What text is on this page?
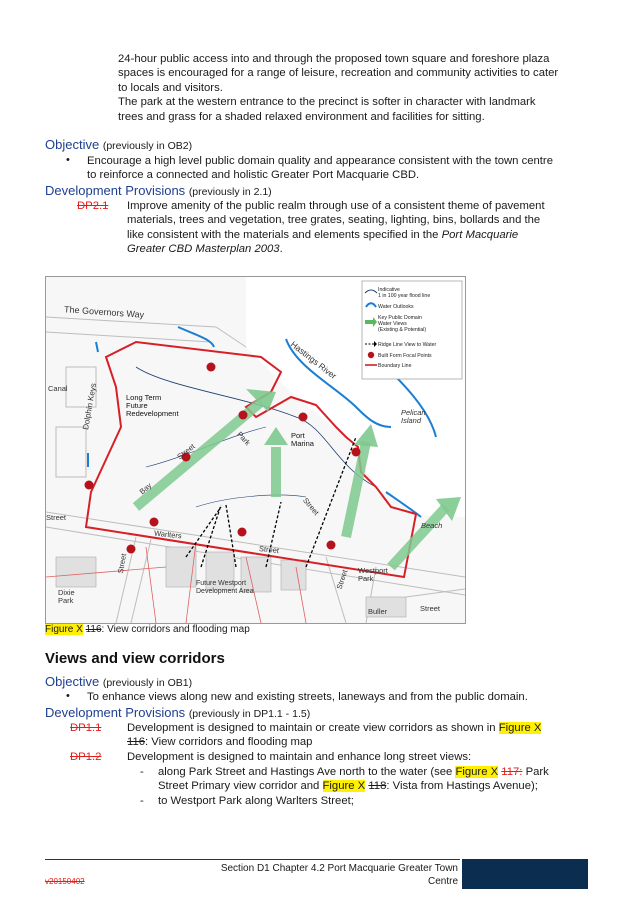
24-hour public access into and through the proposed town square and foreshore plaza
spaces is encouraged for a range of leisure, recreation and community activities to cater
to locals and visitors.
The park at the western entrance to the precinct is softer in character with landmark
trees and grass for a shaded relaxed environment and facilities for sitting.
Objective (previously in OB2)
• Encourage a high level public domain quality and appearance consistent with the town centre
to reinforce a connected and holistic Greater Port Macquarie CBD.
Development Provisions (previously in 2.1)
DP2.1 Improve amenity of the public realm through use of a consistent theme of pavement
materials, trees and vegetation, tree grates, seating, lighting, bins, bollards and the
like consistent with the materials and elements specified in the Port Macquarie
Greater CBD Masterplan 2003.
The Governors Way
Hastings River
Dolphin Keys
Canal
Long Term
Future
Redevelopment
Port
Marina
Pelican
Island
Bay
Street
Park
Street
Street
Warlters
Street
Street
Future Westport
Development Area
Westport
Park
Dixie
Park
Beach
Buller	Street
Street
Indicative
1 in 100 year flood line
Water Outlooks
Key Public Domain
Water Views
(Existing & Potential)
Ridge Line View to Water
Built Form Focal Points
Boundary Line
Figure X 116: View corridors and flooding map
Views and view corridors
Objective (previously in OB1)
• To enhance views along new and existing streets, laneways and from the public domain.
Development Provisions (previously in DP1.1 - 1.5)
DP1.1 Development is designed to maintain or create view corridors as shown in Figure X
116: View corridors and flooding map
DP1.2 Development is designed to maintain and enhance long street views:
- along Park Street and Hastings Ave north to the water (see Figure X 117: Park
Street Primary view corridor and Figure X 118: Vista from Hastings Avenue);
- to Westport Park along Warlters Street;
v20150402
Section D1 Chapter 4.2 Port Macquarie Greater Town
Centre
